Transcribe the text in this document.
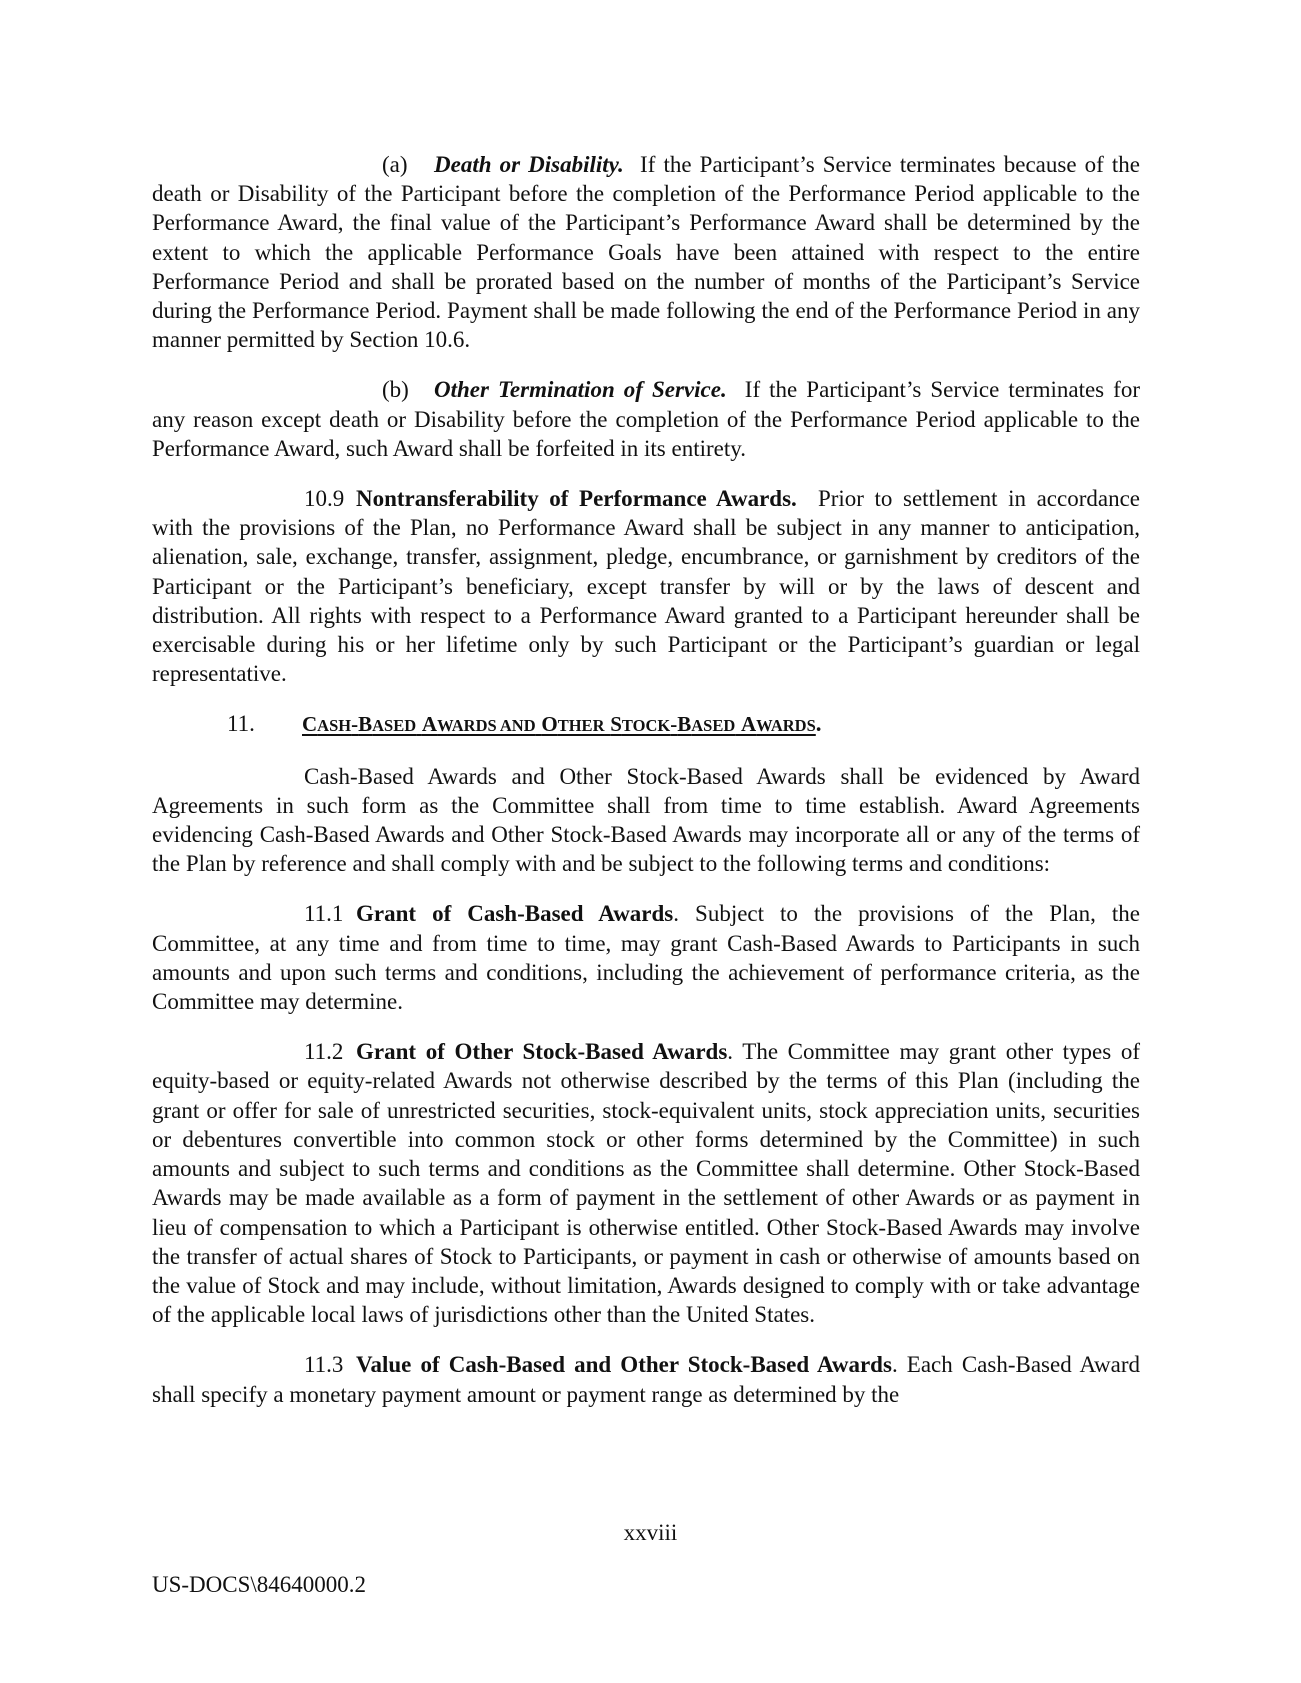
(a) Death or Disability. If the Participant’s Service terminates because of the death or Disability of the Participant before the completion of the Performance Period applicable to the Performance Award, the final value of the Participant’s Performance Award shall be determined by the extent to which the applicable Performance Goals have been attained with respect to the entire Performance Period and shall be prorated based on the number of months of the Participant’s Service during the Performance Period. Payment shall be made following the end of the Performance Period in any manner permitted by Section 10.6.

(b) Other Termination of Service. If the Participant’s Service terminates for any reason except death or Disability before the completion of the Performance Period applicable to the Performance Award, such Award shall be forfeited in its entirety.

10.9 Nontransferability of Performance Awards. Prior to settlement in accordance with the provisions of the Plan, no Performance Award shall be subject in any manner to anticipation, alienation, sale, exchange, transfer, assignment, pledge, encumbrance, or garnishment by creditors of the Participant or the Participant’s beneficiary, except transfer by will or by the laws of descent and distribution. All rights with respect to a Performance Award granted to a Participant hereunder shall be exercisable during his or her lifetime only by such Participant or the Participant’s guardian or legal representative.

11. CASH-BASED AWARDS AND OTHER STOCK-BASED AWARDS.

Cash-Based Awards and Other Stock-Based Awards shall be evidenced by Award Agreements in such form as the Committee shall from time to time establish. Award Agreements evidencing Cash-Based Awards and Other Stock-Based Awards may incorporate all or any of the terms of the Plan by reference and shall comply with and be subject to the following terms and conditions:

11.1 Grant of Cash-Based Awards. Subject to the provisions of the Plan, the Committee, at any time and from time to time, may grant Cash-Based Awards to Participants in such amounts and upon such terms and conditions, including the achievement of performance criteria, as the Committee may determine.

11.2 Grant of Other Stock-Based Awards. The Committee may grant other types of equity-based or equity-related Awards not otherwise described by the terms of this Plan (including the grant or offer for sale of unrestricted securities, stock-equivalent units, stock appreciation units, securities or debentures convertible into common stock or other forms determined by the Committee) in such amounts and subject to such terms and conditions as the Committee shall determine. Other Stock-Based Awards may be made available as a form of payment in the settlement of other Awards or as payment in lieu of compensation to which a Participant is otherwise entitled. Other Stock-Based Awards may involve the transfer of actual shares of Stock to Participants, or payment in cash or otherwise of amounts based on the value of Stock and may include, without limitation, Awards designed to comply with or take advantage of the applicable local laws of jurisdictions other than the United States.

11.3 Value of Cash-Based and Other Stock-Based Awards. Each Cash-Based Award shall specify a monetary payment amount or payment range as determined by the

xxviii
US-DOCS\84640000.2
